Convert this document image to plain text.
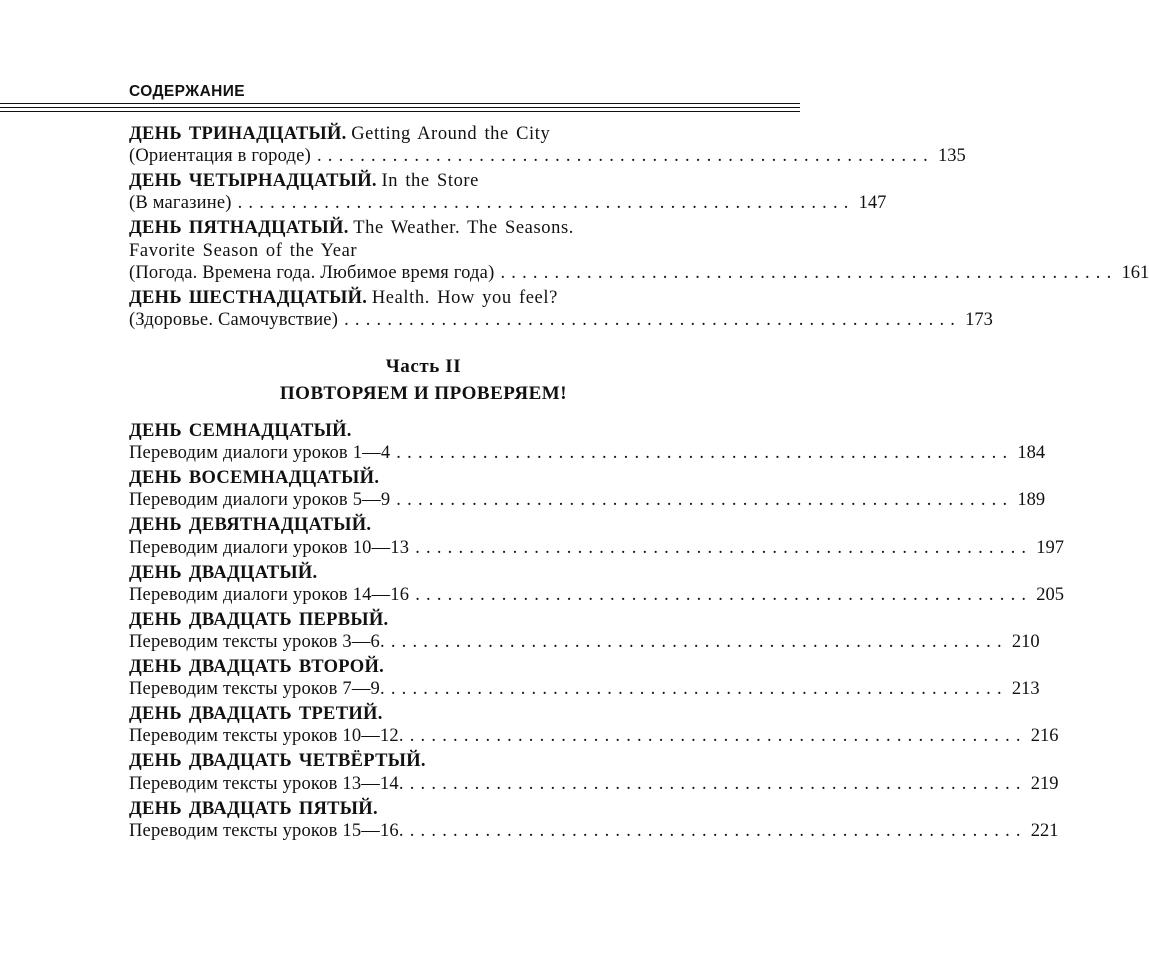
СОДЕРЖАНИЕ
ДЕНЬ ТРИНАДЦАТЫЙ. Getting Around the City
(Ориентация в городе) ......................................................... 135
ДЕНЬ ЧЕТЫРНАДЦАТЫЙ. In the Store
(В магазине) ......................................................... 147
ДЕНЬ ПЯТНАДЦАТЫЙ. The Weather. The Seasons.
Favorite Season of the Year
(Погода. Времена года. Любимое время года) ......................................................... 161
ДЕНЬ ШЕСТНАДЦАТЫЙ. Health. How you feel?
(Здоровье. Самочувствие) ......................................................... 173
Часть II
ПОВТОРЯЕМ И ПРОВЕРЯЕМ!
ДЕНЬ СЕМНАДЦАТЫЙ.
Переводим диалоги уроков 1—4 ......................................................... 184
ДЕНЬ ВОСЕМНАДЦАТЫЙ.
Переводим диалоги уроков 5—9 ......................................................... 189
ДЕНЬ ДЕВЯТНАДЦАТЫЙ.
Переводим диалоги уроков 10—13 ......................................................... 197
ДЕНЬ ДВАДЦАТЫЙ.
Переводим диалоги уроков 14—16 ......................................................... 205
ДЕНЬ ДВАДЦАТЬ ПЕРВЫЙ.
Переводим тексты уроков 3—6. ......................................................... 210
ДЕНЬ ДВАДЦАТЬ ВТОРОЙ.
Переводим тексты уроков 7—9. ......................................................... 213
ДЕНЬ ДВАДЦАТЬ ТРЕТИЙ.
Переводим тексты уроков 10—12. ......................................................... 216
ДЕНЬ ДВАДЦАТЬ ЧЕТВЁРТЫЙ.
Переводим тексты уроков 13—14. ......................................................... 219
ДЕНЬ ДВАДЦАТЬ ПЯТЫЙ.
Переводим тексты уроков 15—16. ......................................................... 221
